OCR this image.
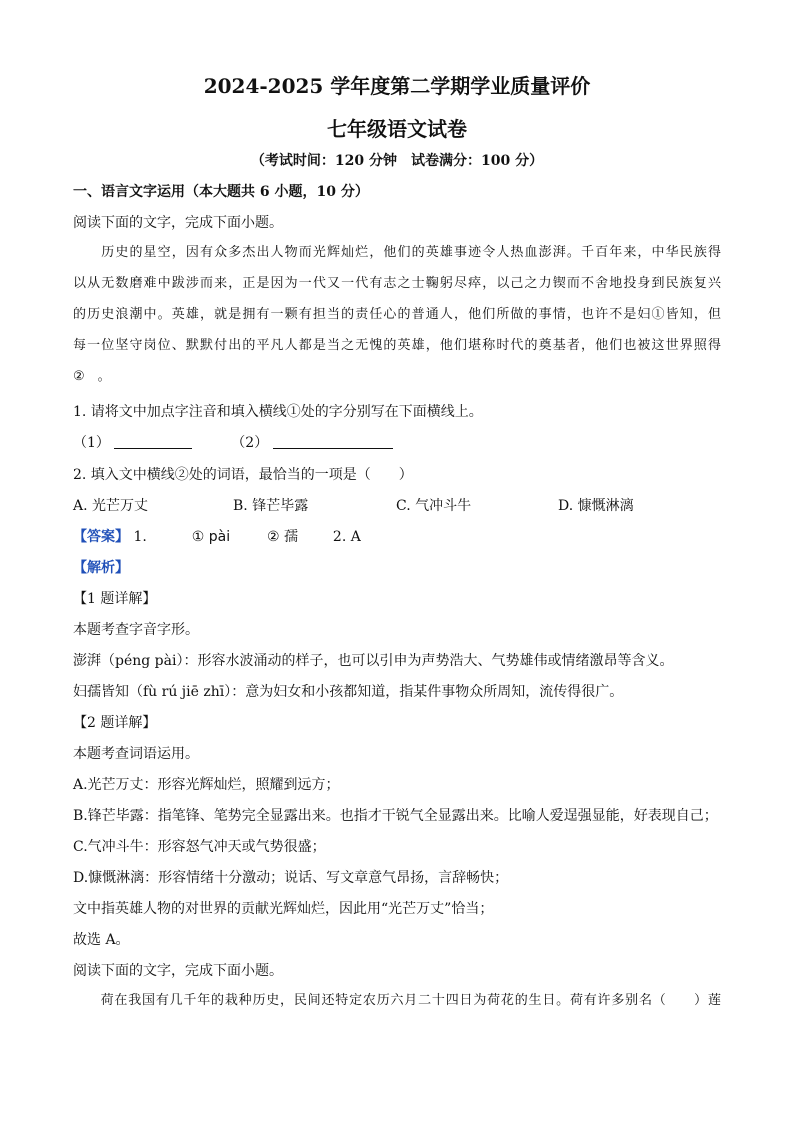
2024-2025 学年度第二学期学业质量评价
七年级语文试卷
（考试时间：120 分钟　试卷满分：100 分）
一、语言文字运用（本大题共 6 小题，10 分）
阅读下面的文字，完成下面小题。
　　历史的星空，因有众多杰出人物而光辉灿烂，他们的英雄事迹令人热血澎湃。千百年来，中华民族得
以从无数磨难中跋涉而来，正是因为一代又一代有志之士鞠躬尽瘁，以己之力锲而不舍地投身到民族复兴
的历史浪潮中。英雄，就是拥有一颗有担当的责任心的普通人，他们所做的事情，也许不是妇①皆知，但
每一位坚守岗位、默默付出的平凡人都是当之无愧的英雄，他们堪称时代的奠基者，他们也被这世界照得
②　。
1. 请将文中加点字注音和填入横线①处的字分别写在下面横线上。
（1）	（2）
2. 填入文中横线②处的词语，最恰当的一项是（　　）
A. 光芒万丈	B. 锋芒毕露	C. 气冲斗牛	D. 慷慨淋漓
【答案】 1.	① pài	② 孺 2. A
【解析】
【1 题详解】
本题考查字音字形。
澎湃（péng pài）：形容水波涌动的样子，也可以引申为声势浩大、气势雄伟或情绪激昂等含义。
妇孺皆知（fù rú jiē zhī）：意为妇女和小孩都知道，指某件事物众所周知，流传得很广。
【2 题详解】
本题考查词语运用。
A.光芒万丈：形容光辉灿烂，照耀到远方；
B.锋芒毕露：指笔锋、笔势完全显露出来。也指才干锐气全显露出来。比喻人爱逞强显能，好表现自己；
C.气冲斗牛：形容怒气冲天或气势很盛；
D.慷慨淋漓：形容情绪十分激动；说话、写文章意气昂扬，言辞畅快；
文中指英雄人物的对世界的贡献光辉灿烂，因此用“光芒万丈”恰当；
故选 A。
阅读下面的文字，完成下面小题。
　　荷在我国有几千年的栽种历史，民间还特定农历六月二十四日为荷花的生日。荷有许多别名（　　）莲
